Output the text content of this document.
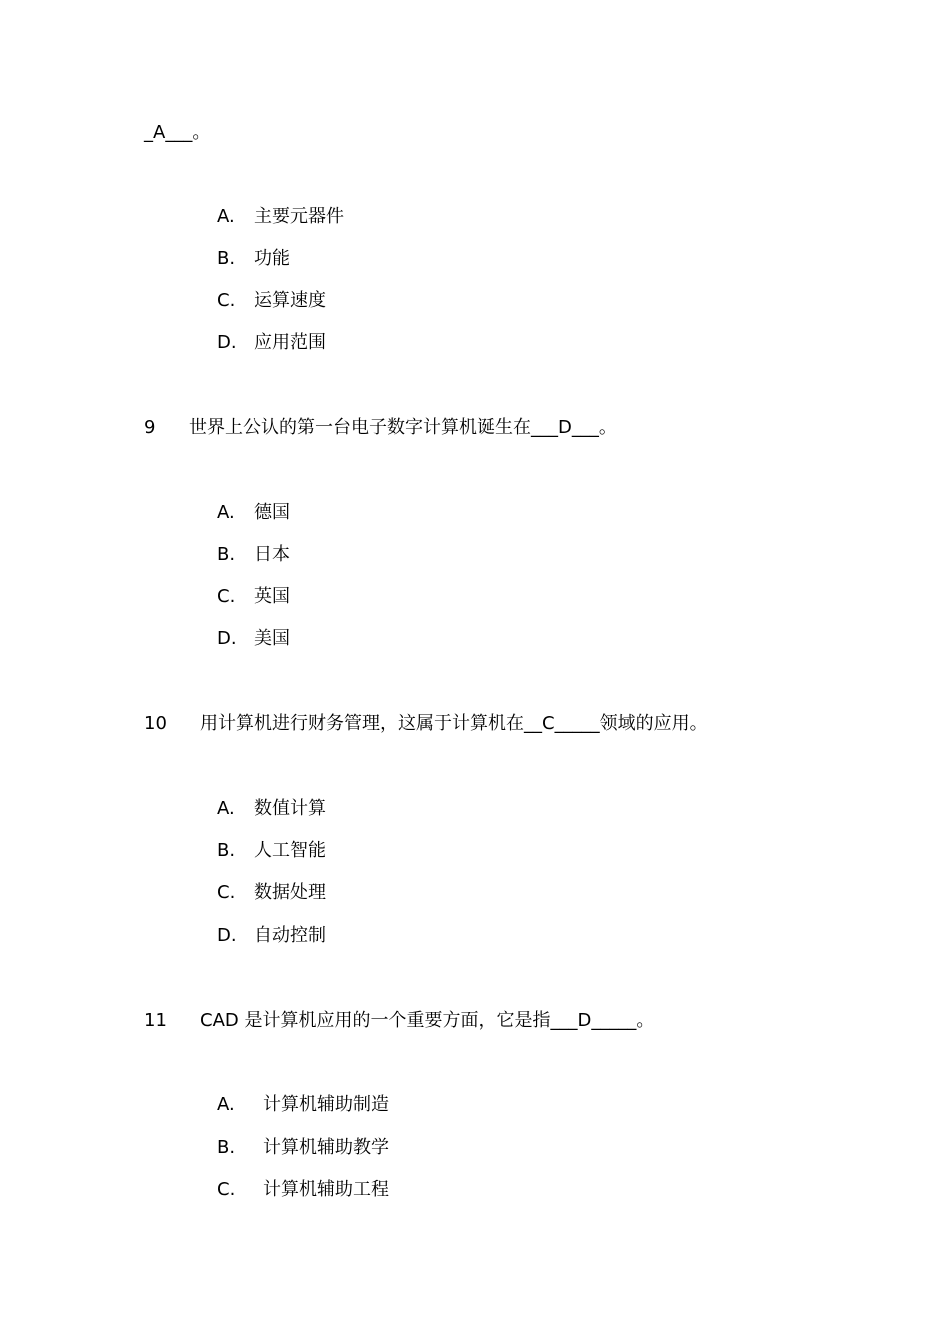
_A___。
A. 主要元器件
B. 功能
C. 运算速度
D. 应用范围
9 世界上公认的第一台电子数字计算机诞生在___D___。
A. 德国
B. 日本
C. 英国
D. 美国
10 用计算机进行财务管理，这属于计算机在__C_____领域的应用。
A. 数值计算
B. 人工智能
C. 数据处理
D. 自动控制
11 CAD 是计算机应用的一个重要方面，它是指___D_____。
A. 计算机辅助制造
B. 计算机辅助教学
C. 计算机辅助工程
